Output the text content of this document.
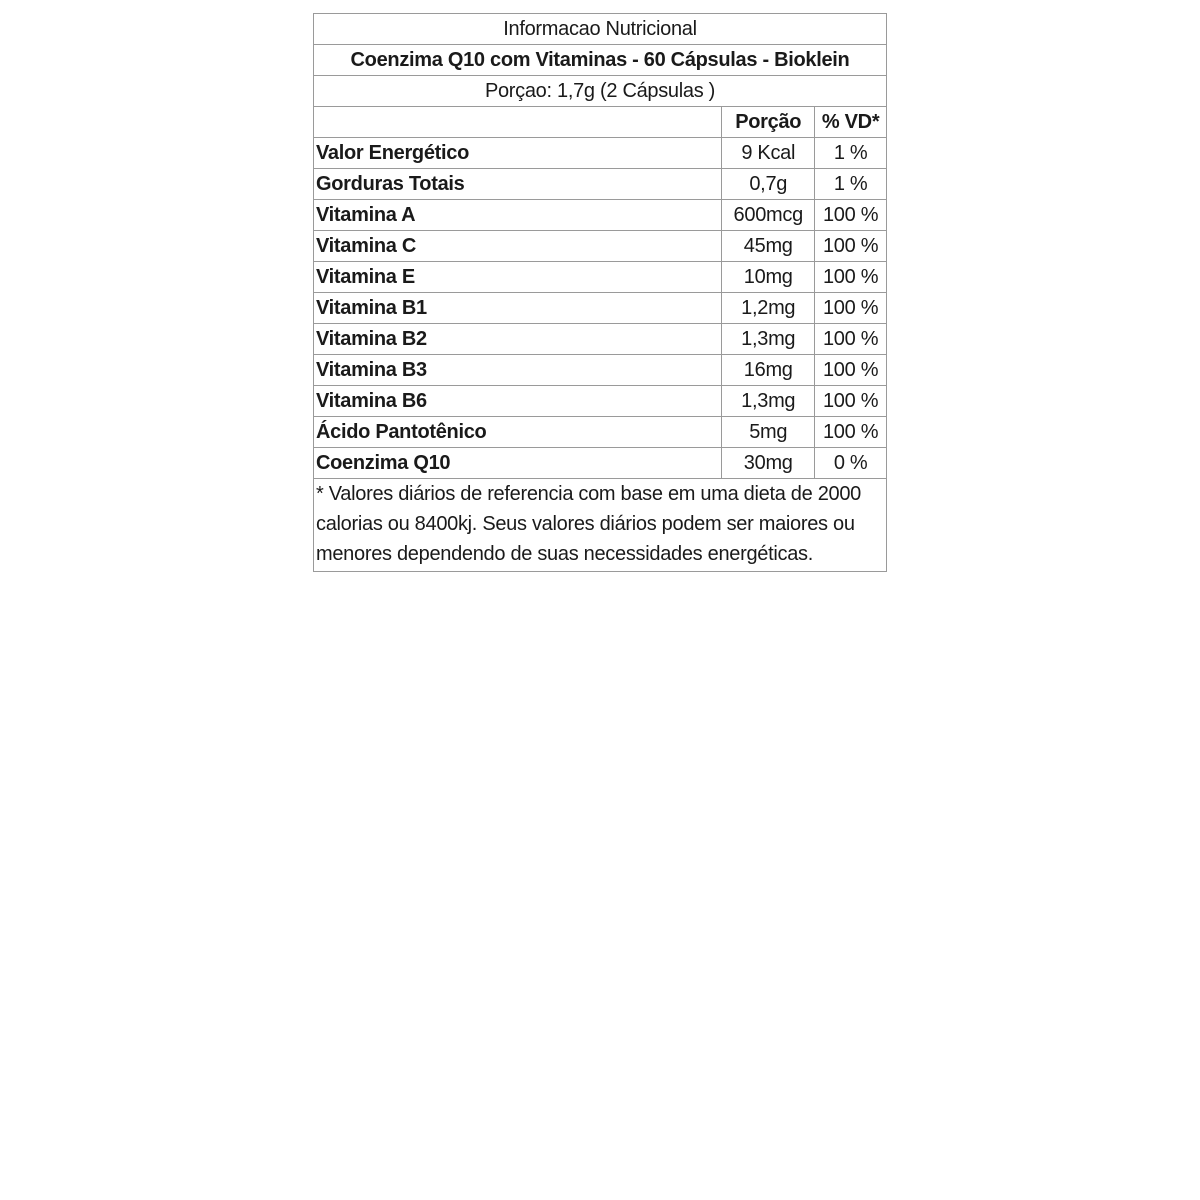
Informacao Nutricional		
Coenzima Q10 com Vitaminas - 60 Cápsulas - Bioklein		
Porçao: 1,7g (2 Cápsulas )		
	Porção	% VD*
Valor Energético	9 Kcal	1 %
Gorduras Totais	0,7g	1 %
Vitamina A	600mcg	100 %
Vitamina C	45mg	100 %
Vitamina E	10mg	100 %
Vitamina B1	1,2mg	100 %
Vitamina B2	1,3mg	100 %
Vitamina B3	16mg	100 %
Vitamina B6	1,3mg	100 %
Ácido Pantotênico	5mg	100 %
Coenzima Q10	30mg	0 %
* Valores diários de referencia com base em uma dieta de 2000 calorias ou 8400kj. Seus valores diários podem ser maiores ou menores dependendo de suas necessidades energéticas.		
